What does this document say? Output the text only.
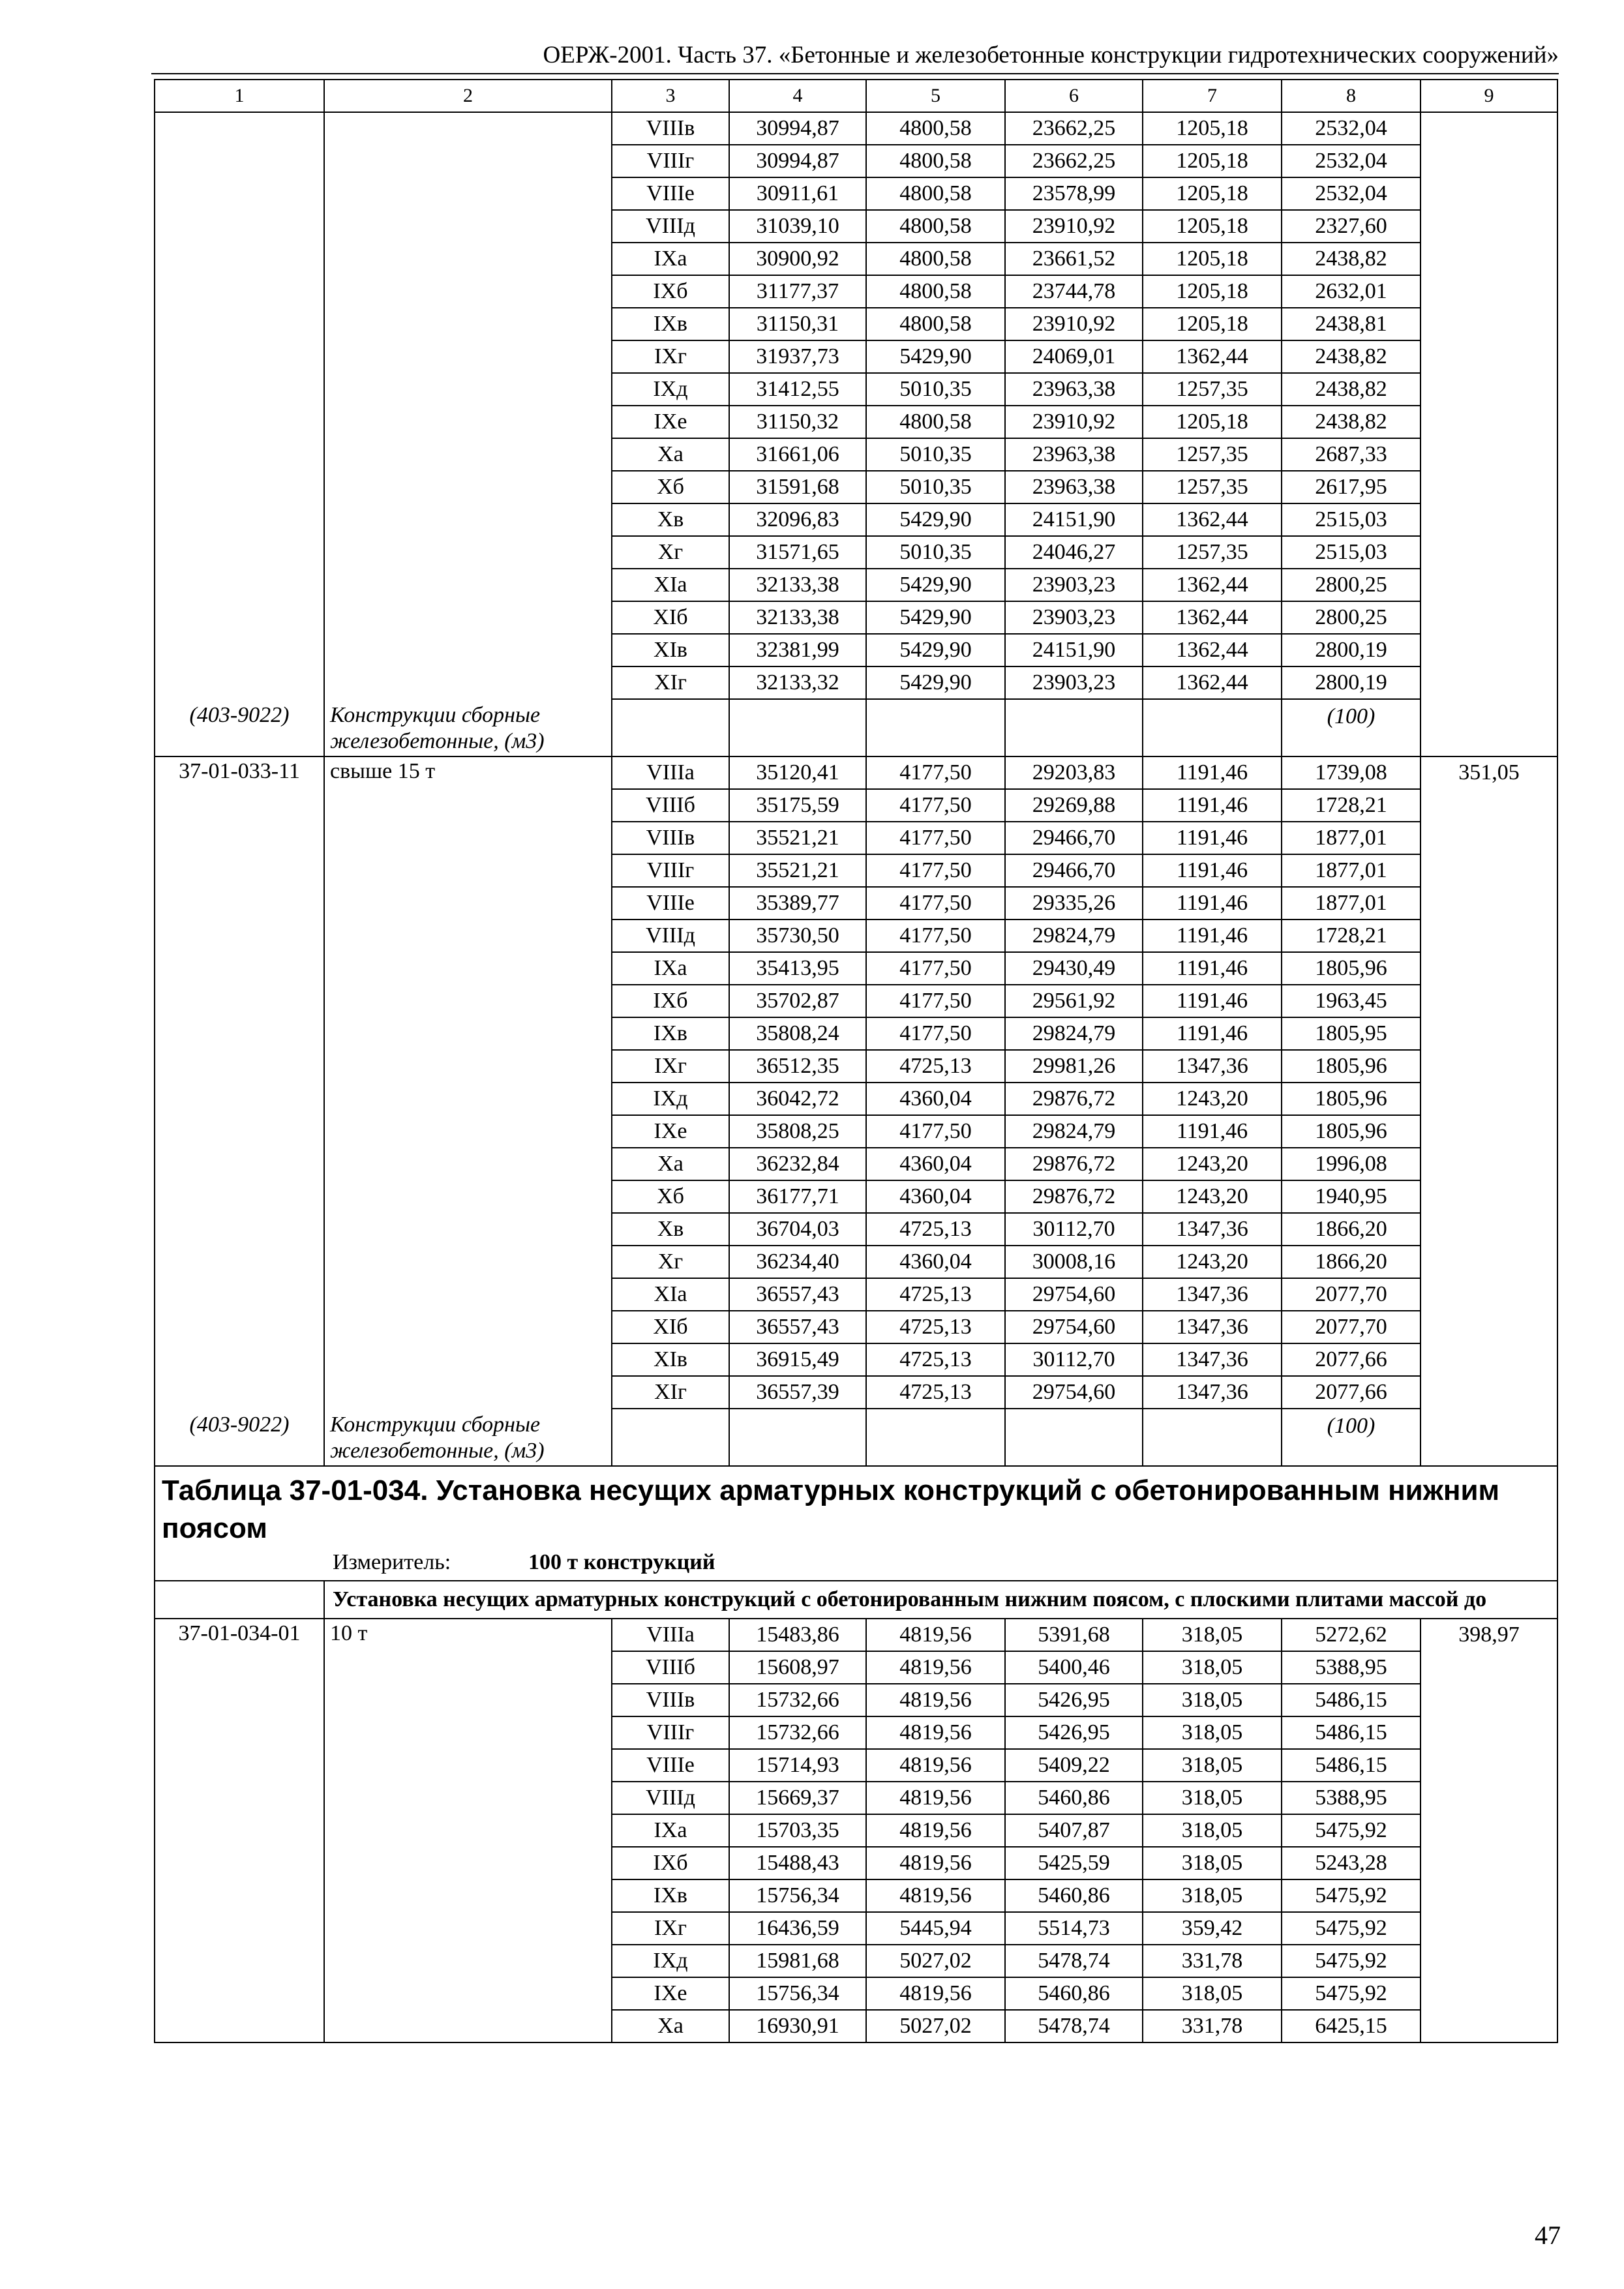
ОЕРЖ-2001. Часть 37. «Бетонные и железобетонные конструкции гидротехнических сооружений»
1	2	3	4	5	6	7	8	9
		VIIIв	30994,87	4800,58	23662,25	1205,18	2532,04	
		VIIIг	30994,87	4800,58	23662,25	1205,18	2532,04	
		VIIIе	30911,61	4800,58	23578,99	1205,18	2532,04	
		VIIIд	31039,10	4800,58	23910,92	1205,18	2327,60	
		IXа	30900,92	4800,58	23661,52	1205,18	2438,82	
		IXб	31177,37	4800,58	23744,78	1205,18	2632,01	
		IXв	31150,31	4800,58	23910,92	1205,18	2438,81	
		IXг	31937,73	5429,90	24069,01	1362,44	2438,82	
		IXд	31412,55	5010,35	23963,38	1257,35	2438,82	
		IXе	31150,32	4800,58	23910,92	1205,18	2438,82	
		Xа	31661,06	5010,35	23963,38	1257,35	2687,33	
		Xб	31591,68	5010,35	23963,38	1257,35	2617,95	
		Xв	32096,83	5429,90	24151,90	1362,44	2515,03	
		Xг	31571,65	5010,35	24046,27	1257,35	2515,03	
		XIа	32133,38	5429,90	23903,23	1362,44	2800,25	
		XIб	32133,38	5429,90	23903,23	1362,44	2800,25	
		XIв	32381,99	5429,90	24151,90	1362,44	2800,19	
		XIг	32133,32	5429,90	23903,23	1362,44	2800,19	
(403-9022)	Конструкции сборные железобетонные, (м3)						(100)	
37-01-033-11	свыше 15 т	VIIIа	35120,41	4177,50	29203,83	1191,46	1739,08	351,05
		VIIIб	35175,59	4177,50	29269,88	1191,46	1728,21	
		VIIIв	35521,21	4177,50	29466,70	1191,46	1877,01	
		VIIIг	35521,21	4177,50	29466,70	1191,46	1877,01	
		VIIIе	35389,77	4177,50	29335,26	1191,46	1877,01	
		VIIIд	35730,50	4177,50	29824,79	1191,46	1728,21	
		IXа	35413,95	4177,50	29430,49	1191,46	1805,96	
		IXб	35702,87	4177,50	29561,92	1191,46	1963,45	
		IXв	35808,24	4177,50	29824,79	1191,46	1805,95	
		IXг	36512,35	4725,13	29981,26	1347,36	1805,96	
		IXд	36042,72	4360,04	29876,72	1243,20	1805,96	
		IXе	35808,25	4177,50	29824,79	1191,46	1805,96	
		Xа	36232,84	4360,04	29876,72	1243,20	1996,08	
		Xб	36177,71	4360,04	29876,72	1243,20	1940,95	
		Xв	36704,03	4725,13	30112,70	1347,36	1866,20	
		Xг	36234,40	4360,04	30008,16	1243,20	1866,20	
		XIа	36557,43	4725,13	29754,60	1347,36	2077,70	
		XIб	36557,43	4725,13	29754,60	1347,36	2077,70	
		XIв	36915,49	4725,13	30112,70	1347,36	2077,66	
		XIг	36557,39	4725,13	29754,60	1347,36	2077,66	
(403-9022)	Конструкции сборные железобетонные, (м3)						(100)	

Таблица 37-01-034. Установка несущих арматурных конструкций с обетонированным нижним поясом
Измеритель: 100 т конструкций								

	Установка несущих арматурных конструкций с обетонированным нижним поясом, с плоскими плитами массой до							
37-01-034-01	10 т	VIIIа	15483,86	4819,56	5391,68	318,05	5272,62	398,97
		VIIIб	15608,97	4819,56	5400,46	318,05	5388,95	
		VIIIв	15732,66	4819,56	5426,95	318,05	5486,15	
		VIIIг	15732,66	4819,56	5426,95	318,05	5486,15	
		VIIIе	15714,93	4819,56	5409,22	318,05	5486,15	
		VIIIд	15669,37	4819,56	5460,86	318,05	5388,95	
		IXа	15703,35	4819,56	5407,87	318,05	5475,92	
		IXб	15488,43	4819,56	5425,59	318,05	5243,28	
		IXв	15756,34	4819,56	5460,86	318,05	5475,92	
		IXг	16436,59	5445,94	5514,73	359,42	5475,92	
		IXд	15981,68	5027,02	5478,74	331,78	5475,92	
		IXе	15756,34	4819,56	5460,86	318,05	5475,92	
		Xа	16930,91	5027,02	5478,74	331,78	6425,15	
47
